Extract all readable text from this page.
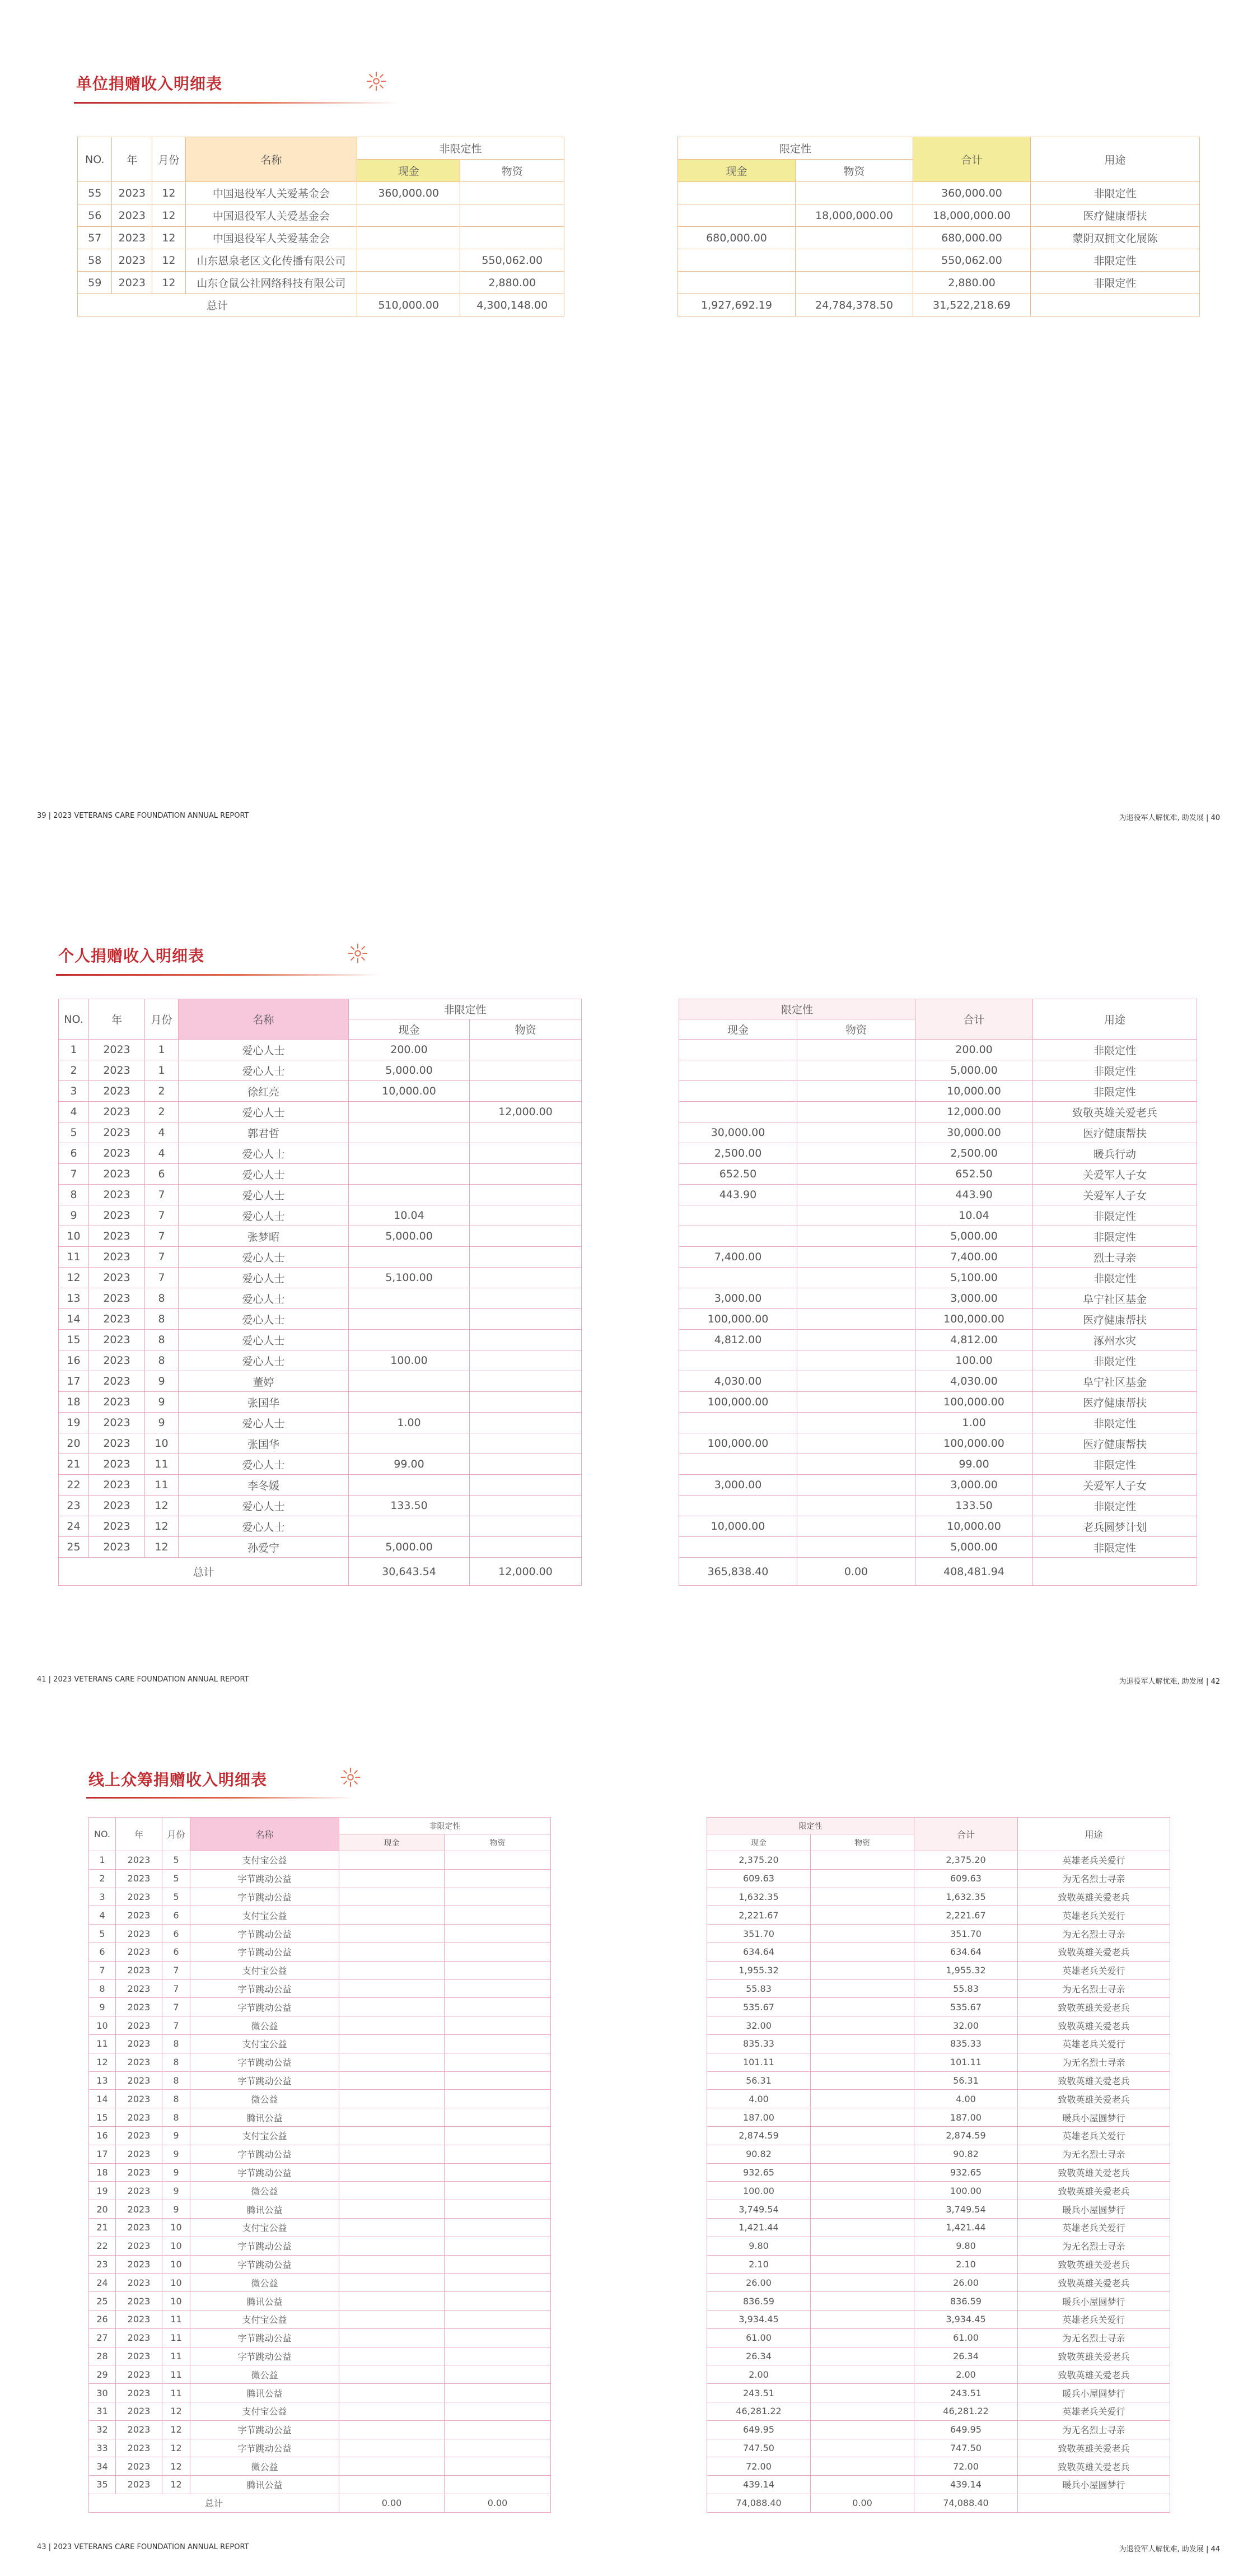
单位捐赠收入明细表
NO.	年	月份	名称	非限定性	
				现金	物资
55	2023	12	中国退役军人关爱基金会	360,000.00	
56	2023	12	中国退役军人关爱基金会		
57	2023	12	中国退役军人关爱基金会		
58	2023	12	山东恩泉老区文化传播有限公司		550,062.00
59	2023	12	山东仓鼠公社网络科技有限公司		2,880.00
总计				510,000.00	4,300,148.00
限定性		合计	用途
现金	物资		
		360,000.00	非限定性
	18,000,000.00	18,000,000.00	医疗健康帮扶
680,000.00		680,000.00	蒙阴双拥文化展陈
		550,062.00	非限定性
		2,880.00	非限定性
1,927,692.19	24,784,378.50	31,522,218.69	
39 | 2023 VETERANS CARE FOUNDATION ANNUAL REPORT	为退役军人解忧难, 助发展 | 40
个人捐赠收入明细表
NO.	年	月份	名称	非限定性	
				现金	物资
1	2023	1	爱心人士	200.00	
2	2023	1	爱心人士	5,000.00	
3	2023	2	徐红亮	10,000.00	
4	2023	2	爱心人士		12,000.00
5	2023	4	郭君哲		
6	2023	4	爱心人士		
7	2023	6	爱心人士		
8	2023	7	爱心人士		
9	2023	7	爱心人士	10.04	
10	2023	7	张梦昭	5,000.00	
11	2023	7	爱心人士		
12	2023	7	爱心人士	5,100.00	
13	2023	8	爱心人士		
14	2023	8	爱心人士		
15	2023	8	爱心人士		
16	2023	8	爱心人士	100.00	
17	2023	9	董婷		
18	2023	9	张国华		
19	2023	9	爱心人士	1.00	
20	2023	10	张国华		
21	2023	11	爱心人士	99.00	
22	2023	11	李冬媛		
23	2023	12	爱心人士	133.50	
24	2023	12	爱心人士		
25	2023	12	孙爱宁	5,000.00	
总计				30,643.54	12,000.00
限定性		合计	用途
现金	物资		
		200.00	非限定性
		5,000.00	非限定性
		10,000.00	非限定性
		12,000.00	致敬英雄关爱老兵
30,000.00		30,000.00	医疗健康帮扶
2,500.00		2,500.00	暖兵行动
652.50		652.50	关爱军人子女
443.90		443.90	关爱军人子女
		10.04	非限定性
		5,000.00	非限定性
7,400.00		7,400.00	烈士寻亲
		5,100.00	非限定性
3,000.00		3,000.00	阜宁社区基金
100,000.00		100,000.00	医疗健康帮扶
4,812.00		4,812.00	涿州水灾
		100.00	非限定性
4,030.00		4,030.00	阜宁社区基金
100,000.00		100,000.00	医疗健康帮扶
		1.00	非限定性
100,000.00		100,000.00	医疗健康帮扶
		99.00	非限定性
3,000.00		3,000.00	关爱军人子女
		133.50	非限定性
10,000.00		10,000.00	老兵圆梦计划
		5,000.00	非限定性
365,838.40	0.00	408,481.94	
41 | 2023 VETERANS CARE FOUNDATION ANNUAL REPORT	为退役军人解忧难, 助发展 | 42
线上众筹捐赠收入明细表
NO.	年	月份	名称	非限定性	
				现金	物资
1	2023	5	支付宝公益		
2	2023	5	字节跳动公益		
3	2023	5	字节跳动公益		
4	2023	6	支付宝公益		
5	2023	6	字节跳动公益		
6	2023	6	字节跳动公益		
7	2023	7	支付宝公益		
8	2023	7	字节跳动公益		
9	2023	7	字节跳动公益		
10	2023	7	微公益		
11	2023	8	支付宝公益		
12	2023	8	字节跳动公益		
13	2023	8	字节跳动公益		
14	2023	8	微公益		
15	2023	8	腾讯公益		
16	2023	9	支付宝公益		
17	2023	9	字节跳动公益		
18	2023	9	字节跳动公益		
19	2023	9	微公益		
20	2023	9	腾讯公益		
21	2023	10	支付宝公益		
22	2023	10	字节跳动公益		
23	2023	10	字节跳动公益		
24	2023	10	微公益		
25	2023	10	腾讯公益		
26	2023	11	支付宝公益		
27	2023	11	字节跳动公益		
28	2023	11	字节跳动公益		
29	2023	11	微公益		
30	2023	11	腾讯公益		
31	2023	12	支付宝公益		
32	2023	12	字节跳动公益		
33	2023	12	字节跳动公益		
34	2023	12	微公益		
35	2023	12	腾讯公益		
总计				0.00	0.00
限定性		合计	用途
现金	物资		
2,375.20		2,375.20	英雄老兵关爱行
609.63		609.63	为无名烈士寻亲
1,632.35		1,632.35	致敬英雄关爱老兵
2,221.67		2,221.67	英雄老兵关爱行
351.70		351.70	为无名烈士寻亲
634.64		634.64	致敬英雄关爱老兵
1,955.32		1,955.32	英雄老兵关爱行
55.83		55.83	为无名烈士寻亲
535.67		535.67	致敬英雄关爱老兵
32.00		32.00	致敬英雄关爱老兵
835.33		835.33	英雄老兵关爱行
101.11		101.11	为无名烈士寻亲
56.31		56.31	致敬英雄关爱老兵
4.00		4.00	致敬英雄关爱老兵
187.00		187.00	暖兵小屋圆梦行
2,874.59		2,874.59	英雄老兵关爱行
90.82		90.82	为无名烈士寻亲
932.65		932.65	致敬英雄关爱老兵
100.00		100.00	致敬英雄关爱老兵
3,749.54		3,749.54	暖兵小屋圆梦行
1,421.44		1,421.44	英雄老兵关爱行
9.80		9.80	为无名烈士寻亲
2.10		2.10	致敬英雄关爱老兵
26.00		26.00	致敬英雄关爱老兵
836.59		836.59	暖兵小屋圆梦行
3,934.45		3,934.45	英雄老兵关爱行
61.00		61.00	为无名烈士寻亲
26.34		26.34	致敬英雄关爱老兵
2.00		2.00	致敬英雄关爱老兵
243.51		243.51	暖兵小屋圆梦行
46,281.22		46,281.22	英雄老兵关爱行
649.95		649.95	为无名烈士寻亲
747.50		747.50	致敬英雄关爱老兵
72.00		72.00	致敬英雄关爱老兵
439.14		439.14	暖兵小屋圆梦行
74,088.40	0.00	74,088.40	
43 | 2023 VETERANS CARE FOUNDATION ANNUAL REPORT	为退役军人解忧难, 助发展 | 44
